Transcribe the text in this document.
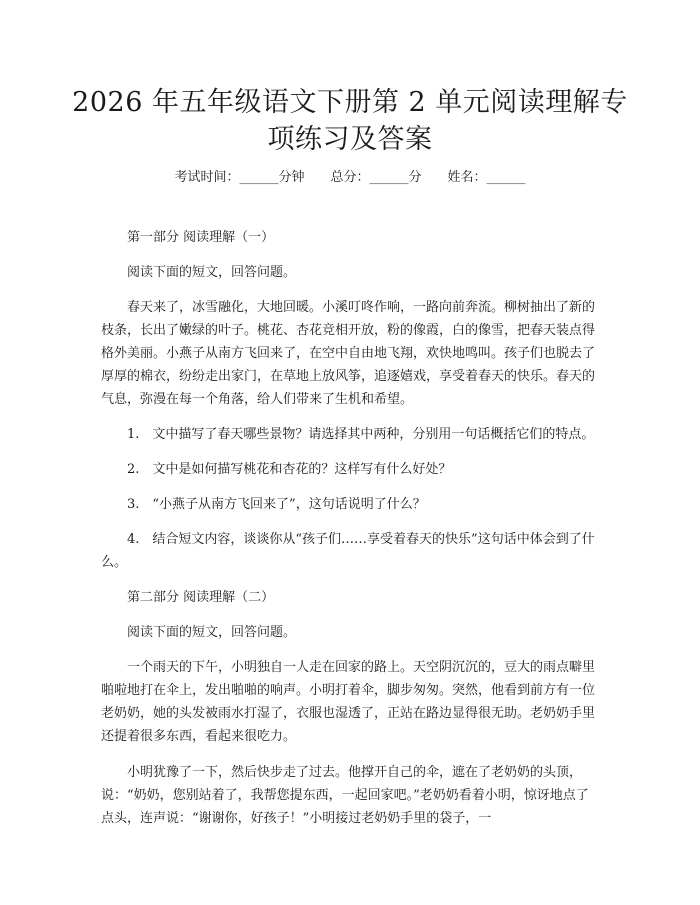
2026 年五年级语文下册第 2 单元阅读理解专项练习及答案
考试时间：______分钟 总分：______分 姓名：______

第一部分 阅读理解（一）

阅读下面的短文，回答问题。

春天来了，冰雪融化，大地回暖。小溪叮咚作响，一路向前奔流。柳树抽出了新的枝条，长出了嫩绿的叶子。桃花、杏花竞相开放，粉的像霞，白的像雪，把春天装点得格外美丽。小燕子从南方飞回来了，在空中自由地飞翔，欢快地鸣叫。孩子们也脱去了厚厚的棉衣，纷纷走出家门，在草地上放风筝，追逐嬉戏，享受着春天的快乐。春天的气息，弥漫在每一个角落，给人们带来了生机和希望。

1.　文中描写了春天哪些景物？请选择其中两种，分别用一句话概括它们的特点。

2.　文中是如何描写桃花和杏花的？这样写有什么好处？

3.　“小燕子从南方飞回来了”，这句话说明了什么？

4.　结合短文内容，谈谈你从“孩子们……享受着春天的快乐”这句话中体会到了什么。

第二部分 阅读理解（二）

阅读下面的短文，回答问题。

一个雨天的下午，小明独自一人走在回家的路上。天空阴沉沉的，豆大的雨点噼里啪啦地打在伞上，发出啪啪的响声。小明打着伞，脚步匆匆。突然，他看到前方有一位老奶奶，她的头发被雨水打湿了，衣服也湿透了，正站在路边显得很无助。老奶奶手里还提着很多东西，看起来很吃力。

小明犹豫了一下，然后快步走了过去。他撑开自己的伞，遮在了老奶奶的头顶，说：“奶奶，您别站着了，我帮您提东西，一起回家吧。”老奶奶看着小明，惊讶地点了点头，连声说：“谢谢你，好孩子！”小明接过老奶奶手里的袋子，一
